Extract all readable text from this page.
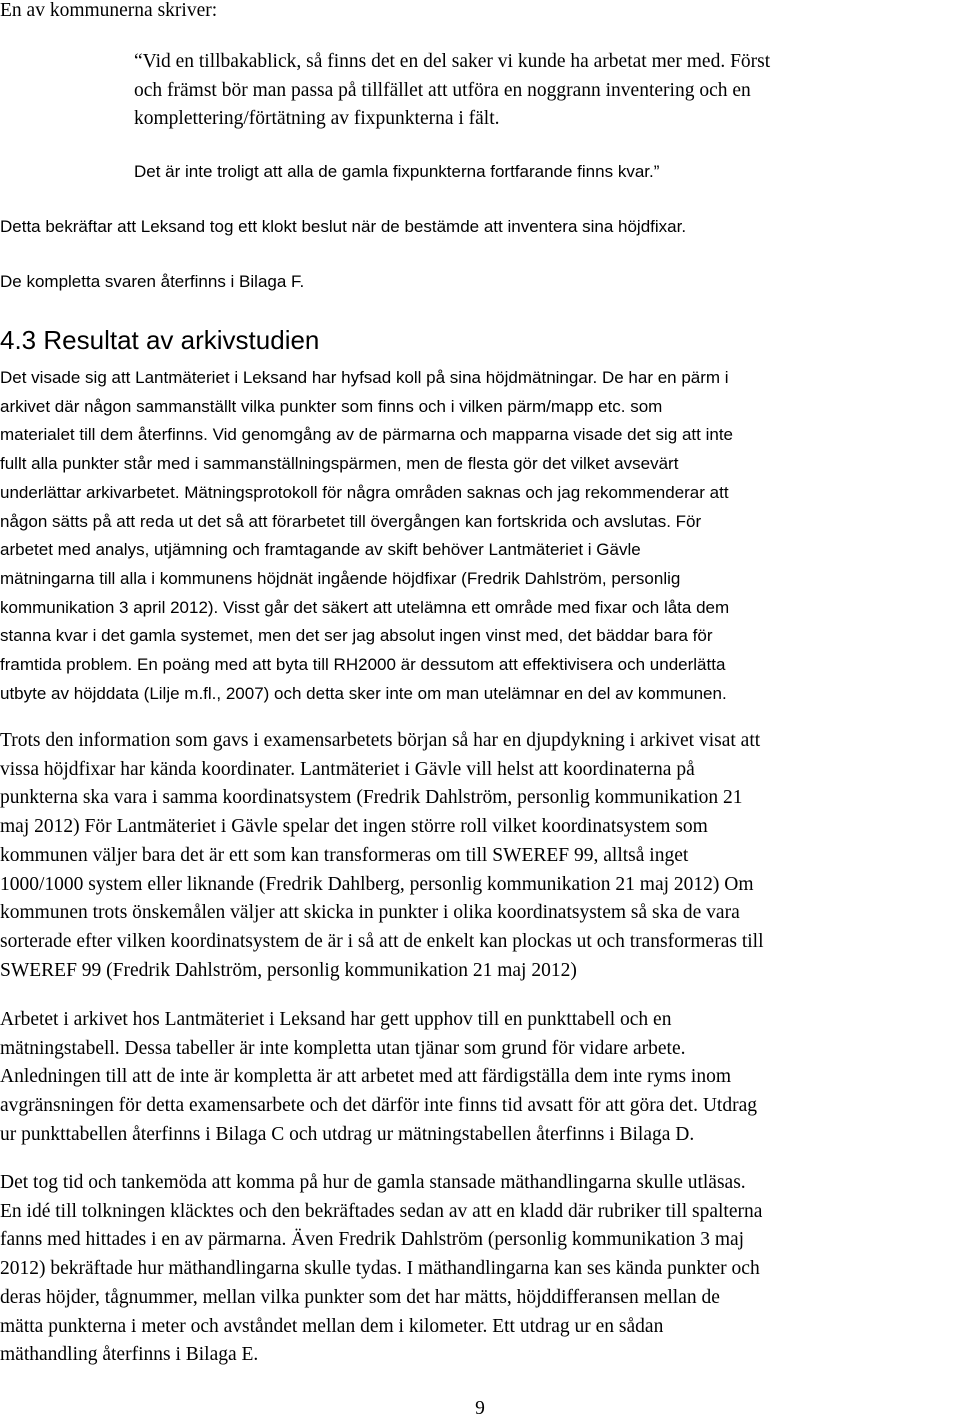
En av kommunerna skriver:

“Vid en tillbakablick, så finns det en del saker vi kunde ha arbetat mer med. Först
och främst bör man passa på tillfället att utföra en noggrann inventering och en
komplettering/förtätning av fixpunkterna i fält.

Det är inte troligt att alla de gamla fixpunkterna fortfarande finns kvar.”

Detta bekräftar att Leksand tog ett klokt beslut när de bestämde att inventera sina höjdfixar.

De kompletta svaren återfinns i Bilaga F.

4.3 Resultat av arkivstudien

Det visade sig att Lantmäteriet i Leksand har hyfsad koll på sina höjdmätningar. De har en pärm i
arkivet där någon sammanställt vilka punkter som finns och i vilken pärm/mapp etc. som
materialet till dem återfinns. Vid genomgång av de pärmarna och mapparna visade det sig att inte
fullt alla punkter står med i sammanställningspärmen, men de flesta gör det vilket avsevärt
underlättar arkivarbetet. Mätningsprotokoll för några områden saknas och jag rekommenderar att
någon sätts på att reda ut det så att förarbetet till övergången kan fortskrida och avslutas. För
arbetet med analys, utjämning och framtagande av skift behöver Lantmäteriet i Gävle
mätningarna till alla i kommunens höjdnät ingående höjdfixar (Fredrik Dahlström, personlig
kommunikation 3 april 2012). Visst går det säkert att utelämna ett område med fixar och låta dem
stanna kvar i det gamla systemet, men det ser jag absolut ingen vinst med, det bäddar bara för
framtida problem. En poäng med att byta till RH2000 är dessutom att effektivisera och underlätta
utbyte av höjddata (Lilje m.fl., 2007) och detta sker inte om man utelämnar en del av kommunen.

Trots den information som gavs i examensarbetets början så har en djupdykning i arkivet visat att
vissa höjdfixar har kända koordinater. Lantmäteriet i Gävle vill helst att koordinaterna på
punkterna ska vara i samma koordinatsystem (Fredrik Dahlström, personlig kommunikation 21
maj 2012) För Lantmäteriet i Gävle spelar det ingen större roll vilket koordinatsystem som
kommunen väljer bara det är ett som kan transformeras om till SWEREF 99, alltså inget
1000/1000 system eller liknande (Fredrik Dahlberg, personlig kommunikation 21 maj 2012) Om
kommunen trots önskemålen väljer att skicka in punkter i olika koordinatsystem så ska de vara
sorterade efter vilken koordinatsystem de är i så att de enkelt kan plockas ut och transformeras till
SWEREF 99 (Fredrik Dahlström, personlig kommunikation 21 maj 2012)

Arbetet i arkivet hos Lantmäteriet i Leksand har gett upphov till en punkttabell och en
mätningstabell. Dessa tabeller är inte kompletta utan tjänar som grund för vidare arbete.
Anledningen till att de inte är kompletta är att arbetet med att färdigställa dem inte ryms inom
avgränsningen för detta examensarbete och det därför inte finns tid avsatt för att göra det. Utdrag
ur punkttabellen återfinns i Bilaga C och utdrag ur mätningstabellen återfinns i Bilaga D.

Det tog tid och tankemöda att komma på hur de gamla stansade mäthandlingarna skulle utläsas.
En idé till tolkningen kläcktes och den bekräftades sedan av att en kladd där rubriker till spalterna
fanns med hittades i en av pärmarna. Även Fredrik Dahlström (personlig kommunikation 3 maj
2012) bekräftade hur mäthandlingarna skulle tydas. I mäthandlingarna kan ses kända punkter och
deras höjder, tågnummer, mellan vilka punkter som det har mätts, höjddifferansen mellan de
mätta punkterna i meter och avståndet mellan dem i kilometer. Ett utdrag ur en sådan
mäthandling återfinns i Bilaga E.

9
